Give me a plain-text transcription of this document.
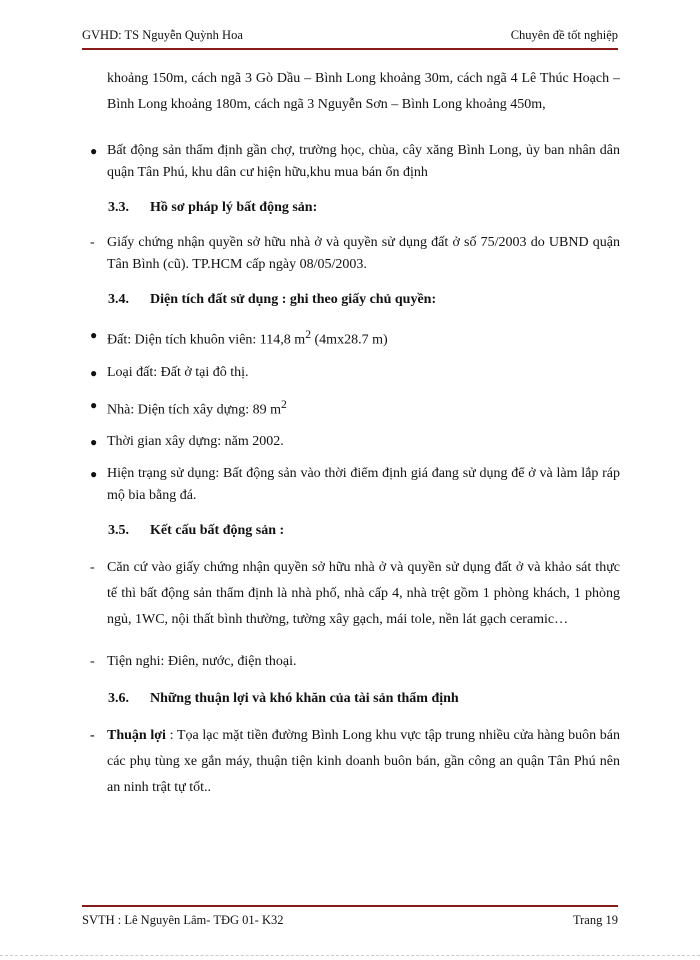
GVHD: TS Nguyễn Quỳnh Hoa	Chuyên đề tốt nghiệp

khoảng 150m, cách ngã 3 Gò Dầu – Bình Long khoảng 30m, cách ngã 4 Lê Thúc Hoạch – Bình Long khoảng 180m, cách ngã 3 Nguyễn Sơn – Bình Long khoảng 450m,

● Bất động sản thẩm định gần chợ, trường học, chùa, cây xăng Bình Long, ủy ban nhân dân quận Tân Phú, khu dân cư hiện hữu,khu mua bán ổn định
3.3. Hồ sơ pháp lý bất động sản:
- Giấy chứng nhận quyền sở hữu nhà ở và quyền sử dụng đất ở số 75/2003 do UBND quận Tân Bình (cũ). TP.HCM cấp ngày 08/05/2003.
3.4. Diện tích đất sử dụng : ghi theo giấy chủ quyền:
● Đất: Diện tích khuôn viên: 114,8 $m^2$ (4mx28.7 m)
● Loại đất: Đất ở tại đô thị.
● Nhà: Diện tích xây dựng: 89 $m^2$
● Thời gian xây dựng: năm 2002.
● Hiện trạng sử dụng: Bất động sản vào thời điểm định giá đang sử dụng để ở và làm lắp ráp mộ bia bằng đá.
3.5. Kết cấu bất động sản :
- Căn cứ vào giấy chứng nhận quyền sở hữu nhà ở và quyền sử dụng đất ở và khảo sát thực tế thì bất động sản thẩm định là nhà phố, nhà cấp 4, nhà trệt gồm 1 phòng khách, 1 phòng ngủ, 1WC, nội thất bình thường, tường xây gạch, mái tole, nền lát gạch ceramic…
- Tiện nghi: Điên, nước, điện thoại.
3.6. Những thuận lợi và khó khăn của tài sản thẩm định
- Thuận lợi : Tọa lạc mặt tiền đường Bình Long khu vực tập trung nhiều cửa hàng buôn bán các phụ tùng xe gắn máy, thuận tiện kinh doanh buôn bán, gần công an quận Tân Phú nên an ninh trật tự tốt..
SVTH : Lê Nguyên Lâm- TĐG 01- K32	Trang 19
